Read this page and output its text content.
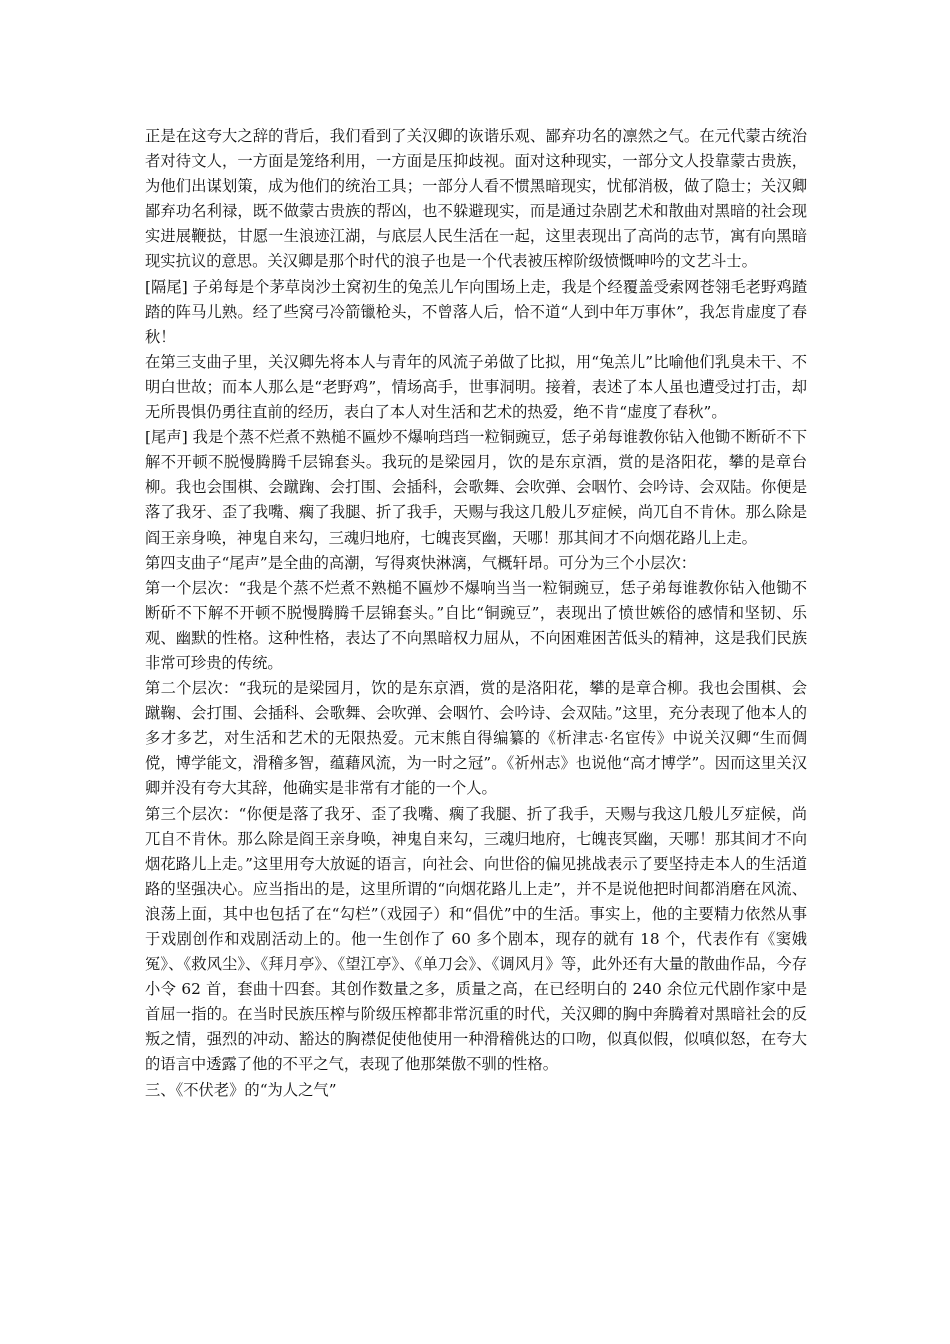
正是在这夸大之辞的背后，我们看到了关汉卿的诙谐乐观、鄙弃功名的凛然之气。在元代蒙古统治者对待文人，一方面是笼络利用，一方面是压抑歧视。面对这种现实，一部分文人投靠蒙古贵族，为他们出谋划策，成为他们的统治工具；一部分人看不惯黑暗现实，忧郁消极，做了隐士；关汉卿鄙弃功名利禄，既不做蒙古贵族的帮凶，也不躲避现实，而是通过杂剧艺术和散曲对黑暗的社会现实进展鞭挞，甘愿一生浪迹江湖，与底层人民生活在一起，这里表现出了高尚的志节，寓有向黑暗现实抗议的意思。关汉卿是那个时代的浪子也是一个代表被压榨阶级愤慨呻吟的文艺斗士。

[隔尾] 子弟每是个茅草岗沙土窝初生的兔羔儿乍向围场上走，我是个经覆盖受索网苍翎毛老野鸡蹅踏的阵马儿熟。经了些窝弓冷箭镴枪头，不曾落人后，恰不道“人到中年万事休”，我怎肯虚度了春秋！

在第三支曲子里，关汉卿先将本人与青年的风流子弟做了比拟，用“兔羔儿”比喻他们乳臭未干、不明白世故；而本人那么是“老野鸡”，情场高手，世事洞明。接着，表述了本人虽也遭受过打击，却无所畏惧仍勇往直前的经历，表白了本人对生活和艺术的热爱，绝不肯“虚度了春秋”。

[尾声] 我是个蒸不烂煮不熟槌不匾炒不爆响珰珰一粒铜豌豆，恁子弟每谁教你钻入他锄不断斫不下解不开顿不脱慢腾腾千层锦套头。我玩的是梁园月，饮的是东京酒，赏的是洛阳花，攀的是章台柳。我也会围棋、会蹴踘、会打围、会插科，会歌舞、会吹弹、会咽竹、会吟诗、会双陆。你便是落了我牙、歪了我嘴、瘸了我腿、折了我手，天赐与我这几般儿歹症候，尚兀自不肯休。那么除是阎王亲身唤，神鬼自来勾，三魂归地府，七魄丧冥幽，天哪！那其间才不向烟花路儿上走。

第四支曲子“尾声”是全曲的高潮，写得爽快淋漓，气概轩昂。可分为三个小层次：

第一个层次：“我是个蒸不烂煮不熟槌不匾炒不爆响当当一粒铜豌豆，恁子弟每谁教你钻入他锄不断斫不下解不开顿不脱慢腾腾千层锦套头。”自比“铜豌豆”，表现出了愤世嫉俗的感情和坚韧、乐观、幽默的性格。这种性格，表达了不向黑暗权力屈从，不向困难困苦低头的精神，这是我们民族非常可珍贵的传统。

第二个层次：“我玩的是梁园月，饮的是东京酒，赏的是洛阳花，攀的是章合柳。我也会围棋、会蹴鞠、会打围、会插科、会歌舞、会吹弹、会咽竹、会吟诗、会双陆。”这里，充分表现了他本人的多才多艺，对生活和艺术的无限热爱。元末熊自得编纂的《析津志·名宦传》中说关汉卿“生而倜傥，博学能文，滑稽多智，蕴藉风流，为一时之冠”。《祈州志》也说他“高才博学”。因而这里关汉卿并没有夸大其辞，他确实是非常有才能的一个人。

第三个层次：“你便是落了我牙、歪了我嘴、瘸了我腿、折了我手，天赐与我这几般儿歹症候，尚兀自不肯休。那么除是阎王亲身唤，神鬼自来勾，三魂归地府，七魄丧冥幽，天哪！那其间才不向烟花路儿上走。”这里用夸大放诞的语言，向社会、向世俗的偏见挑战表示了要坚持走本人的生活道路的坚强决心。应当指出的是，这里所谓的“向烟花路儿上走”，并不是说他把时间都消磨在风流、浪荡上面，其中也包括了在“勾栏”（戏园子）和“倡优”中的生活。事实上，他的主要精力依然从事于戏剧创作和戏剧活动上的。他一生创作了 60 多个剧本，现存的就有 18 个，代表作有《窦娥冤》、《救风尘》、《拜月亭》、《望江亭》、《单刀会》、《调风月》等，此外还有大量的散曲作品，今存小令 62 首，套曲十四套。其创作数量之多，质量之高，在已经明白的 240 余位元代剧作家中是首屈一指的。在当时民族压榨与阶级压榨都非常沉重的时代，关汉卿的胸中奔腾着对黑暗社会的反叛之情，强烈的冲动、豁达的胸襟促使他使用一种滑稽佻达的口吻，似真似假，似嗔似怒，在夸大的语言中透露了他的不平之气，表现了他那桀傲不驯的性格。

三、《不伏老》的“为人之气”
